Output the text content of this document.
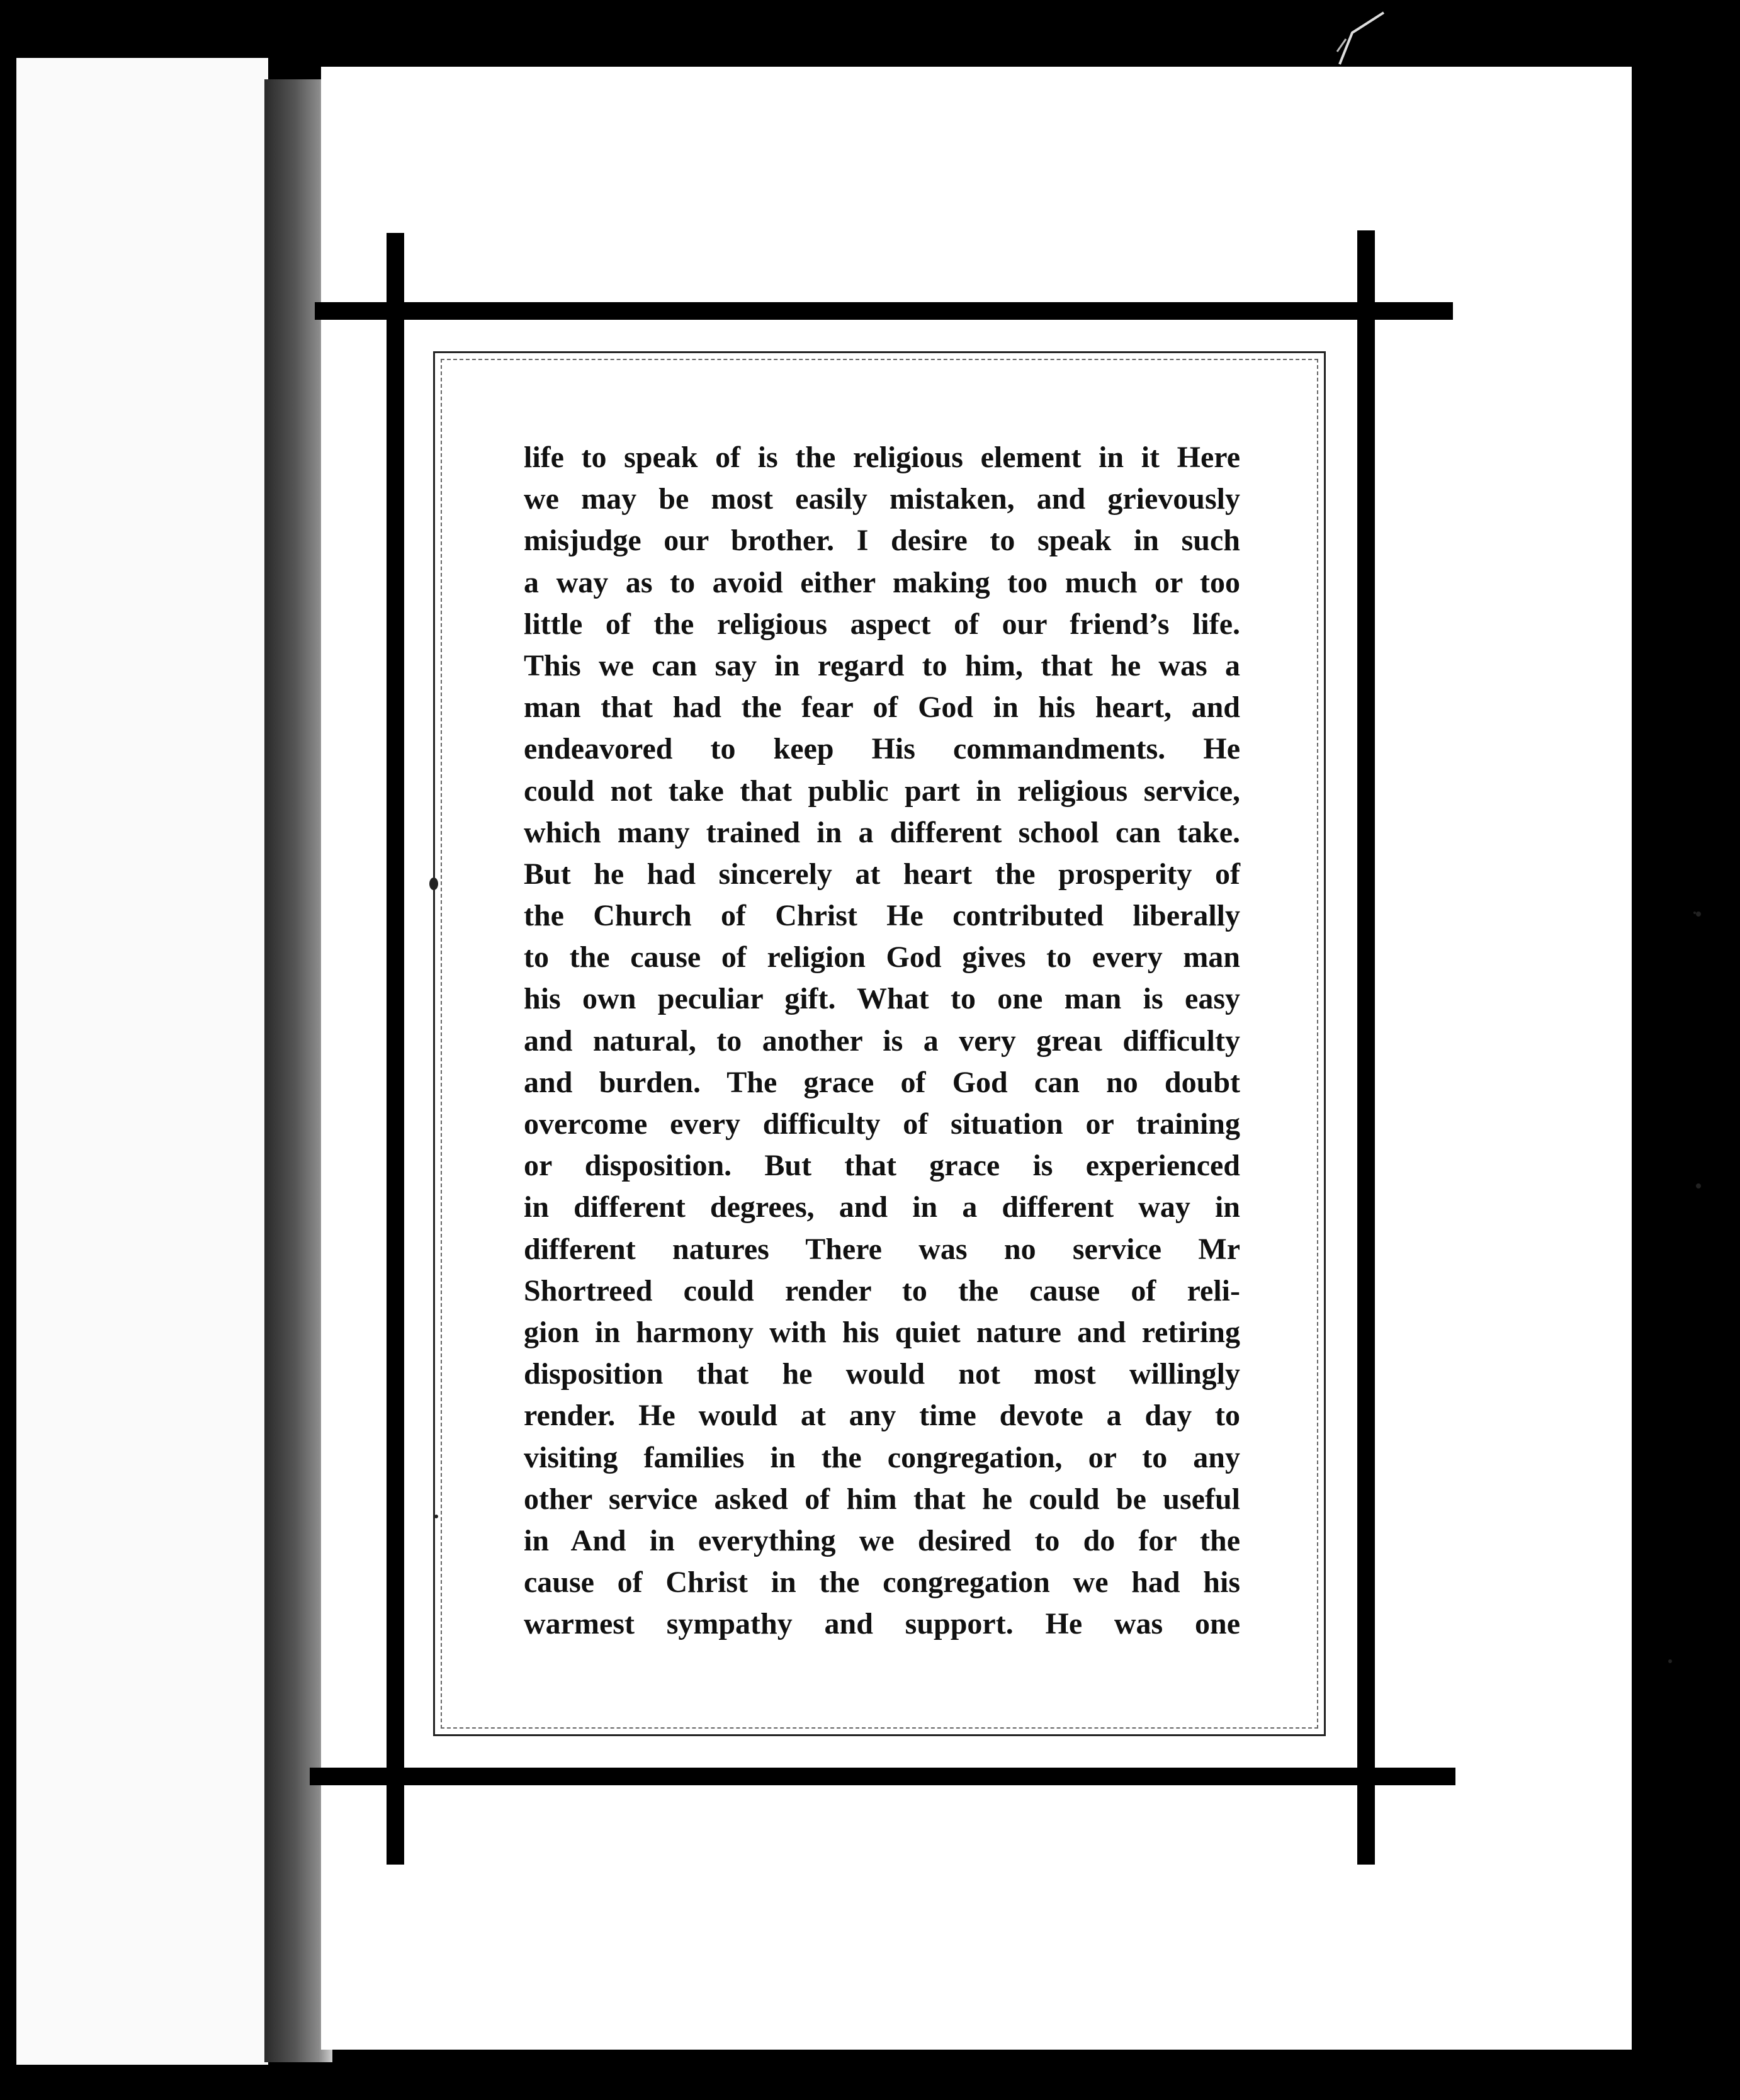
life to speak of is the religious element in it Here
we may be most easily mistaken, and grievously
misjudge our brother. I desire to speak in such
a way as to avoid either making too much or too
little of the religious aspect of our friend’s life.
This we can say in regard to him, that he was a
man that had the fear of God in his heart, and
endeavored to keep His commandments. He
could not take that public part in religious service,
which many trained in a different school can take.
But he had sincerely at heart the prosperity of
the Church of Christ He contributed liberally
to the cause of religion God gives to every man
his own peculiar gift. What to one man is easy
and natural, to another is a very greaι difficulty
and burden. The grace of God can no doubt
overcome every difficulty of situation or training
or disposition. But that grace is experienced
in different degrees, and in a different way in
different natures There was no service Mr
Shortreed could render to the cause of reli-
gion in harmony with his quiet nature and retiring
disposition that he would not most willingly
render. He would at any time devote a day to
visiting families in the congregation, or to any
other service asked of him that he could be useful
in And in everything we desired to do for the
cause of Christ in the congregation we had his
warmest sympathy and support. He was one
